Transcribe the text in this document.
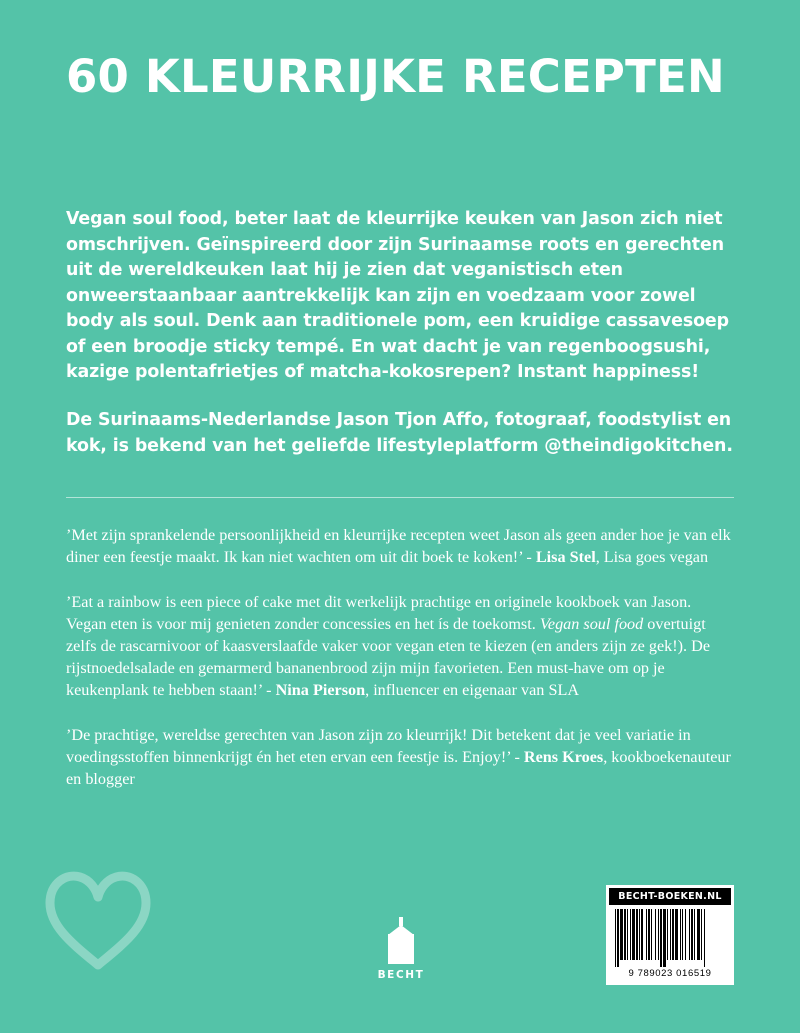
60 KLEURRIJKE RECEPTEN

Vegan soul food, beter laat de kleurrijke keuken van Jason zich niet omschrijven. Geïnspireerd door zijn Surinaamse roots en gerechten uit de wereldkeuken laat hij je zien dat veganistisch eten onweerstaanbaar aantrekkelijk kan zijn en voedzaam voor zowel body als soul. Denk aan traditionele pom, een kruidige cassavesoep of een broodje sticky tempé. En wat dacht je van regenboogsushi, kazige polentafrietjes of matcha-kokosrepen? Instant happiness!

De Surinaams-Nederlandse Jason Tjon Affo, fotograaf, foodstylist en kok, is bekend van het geliefde lifestyleplatform @theindigokitchen.

’Met zijn sprankelende persoonlijkheid en kleurrijke recepten weet Jason als geen ander hoe je van elk diner een feestje maakt. Ik kan niet wachten om uit dit boek te koken!’ - Lisa Stel, Lisa goes vegan

’Eat a rainbow is een piece of cake met dit werkelijk prachtige en originele kookboek van Jason. Vegan eten is voor mij genieten zonder concessies en het ís de toekomst. Vegan soul food overtuigt zelfs de rascarnivoor of kaasverslaafde vaker voor vegan eten te kiezen (en anders zijn ze gek!). De rijstnoedelsalade en gemarmerd bananenbrood zijn mijn favorieten. Een must-have om op je keukenplank te hebben staan!’ - Nina Pierson, influencer en eigenaar van SLA

’De prachtige, wereldse gerechten van Jason zijn zo kleurrijk! Dit betekent dat je veel variatie in voedingsstoffen binnenkrijgt én het eten ervan een feestje is. Enjoy!’ - Rens Kroes, kookboekenauteur en blogger

BECHT
BECHT-BOEKEN.NL
9 789023 016519
